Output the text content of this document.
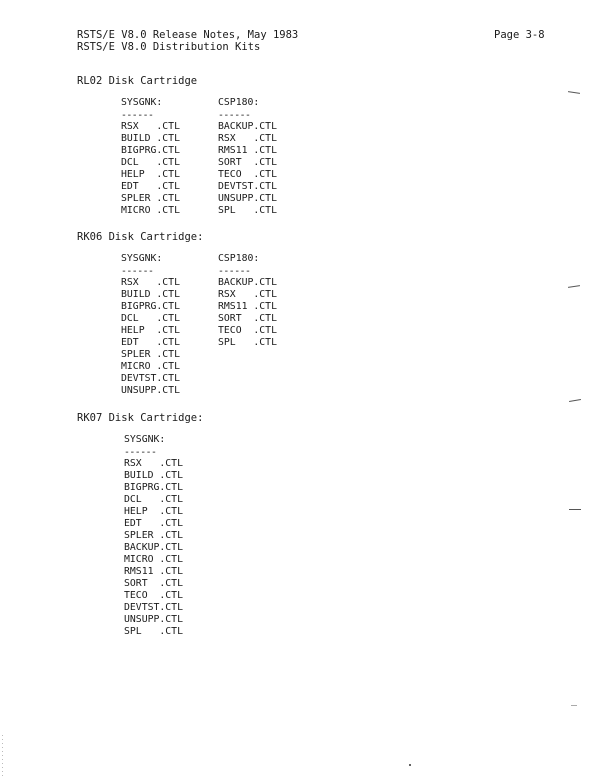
RSTS/E V8.0 Release Notes, May 1983
RSTS/E V8.0 Distribution Kits
Page 3-8
RL02 Disk Cartridge
SYSGNK:
------
RSX   .CTL
BUILD .CTL
BIGPRG.CTL
DCL   .CTL
HELP  .CTL
EDT   .CTL
SPLER .CTL
MICRO .CTL
CSP180:
------
BACKUP.CTL
RSX   .CTL
RMS11 .CTL
SORT  .CTL
TECO  .CTL
DEVTST.CTL
UNSUPP.CTL
SPL   .CTL
RK06 Disk Cartridge:
SYSGNK:
------
RSX   .CTL
BUILD .CTL
BIGPRG.CTL
DCL   .CTL
HELP  .CTL
EDT   .CTL
SPLER .CTL
MICRO .CTL
DEVTST.CTL
UNSUPP.CTL
CSP180:
------
BACKUP.CTL
RSX   .CTL
RMS11 .CTL
SORT  .CTL
TECO  .CTL
SPL   .CTL
RK07 Disk Cartridge:
SYSGNK:
------
RSX   .CTL
BUILD .CTL
BIGPRG.CTL
DCL   .CTL
HELP  .CTL
EDT   .CTL
SPLER .CTL
BACKUP.CTL
MICRO .CTL
RMS11 .CTL
SORT  .CTL
TECO  .CTL
DEVTST.CTL
UNSUPP.CTL
SPL   .CTL
